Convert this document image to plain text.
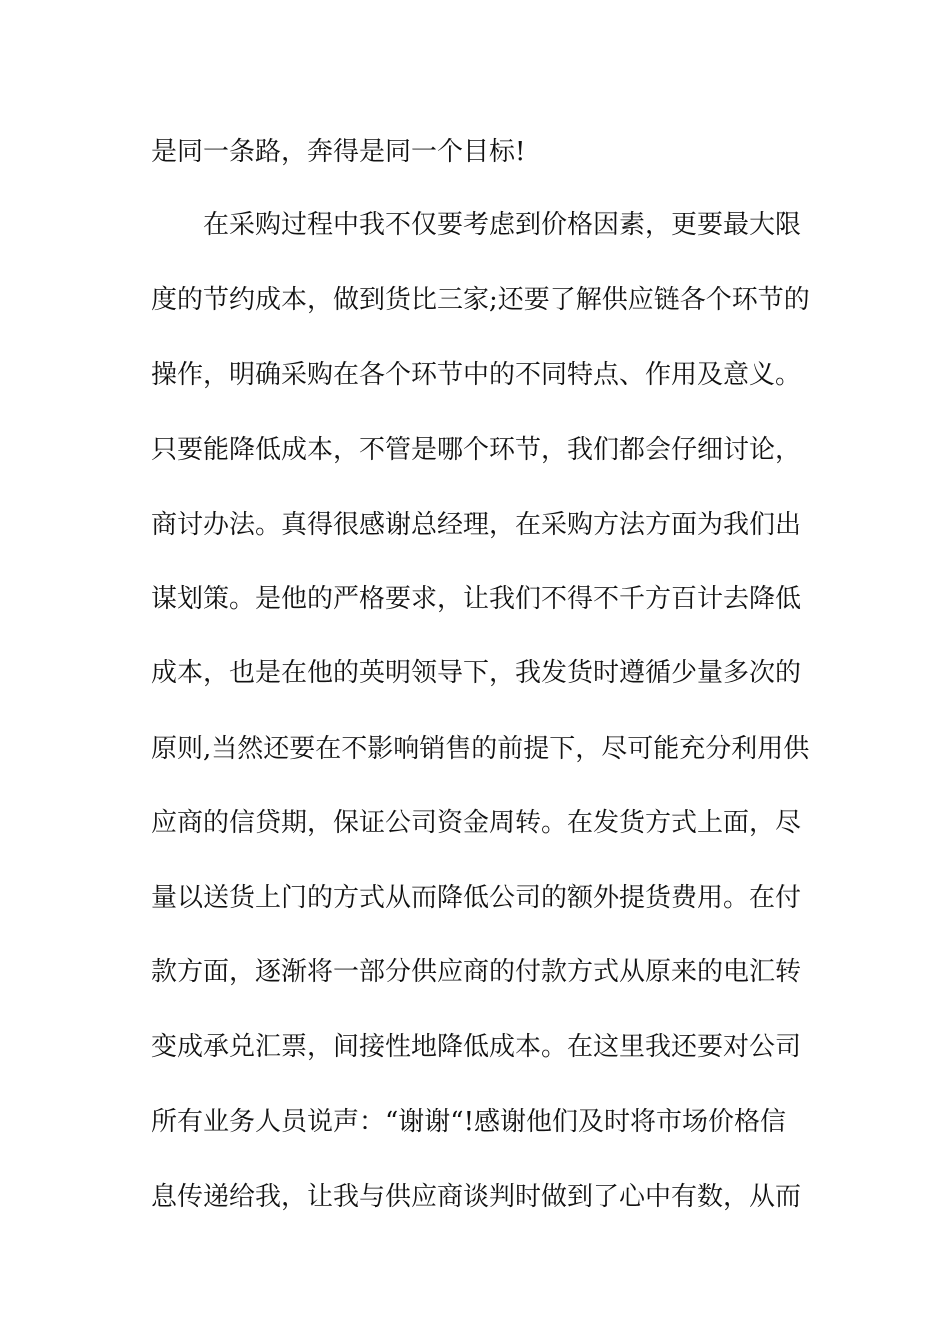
是同一条路，奔得是同一个目标!
在采购过程中我不仅要考虑到价格因素，更要最大限
度的节约成本，做到货比三家;还要了解供应链各个环节的
操作，明确采购在各个环节中的不同特点、作用及意义。
只要能降低成本，不管是哪个环节，我们都会仔细讨论，
商讨办法。真得很感谢总经理，在采购方法方面为我们出
谋划策。是他的严格要求，让我们不得不千方百计去降低
成本，也是在他的英明领导下，我发货时遵循少量多次的
原则,当然还要在不影响销售的前提下，尽可能充分利用供
应商的信贷期，保证公司资金周转。在发货方式上面，尽
量以送货上门的方式从而降低公司的额外提货费用。在付
款方面，逐渐将一部分供应商的付款方式从原来的电汇转
变成承兑汇票，间接性地降低成本。在这里我还要对公司
所有业务人员说声：“谢谢“!感谢他们及时将市场价格信
息传递给我，让我与供应商谈判时做到了心中有数，从而
